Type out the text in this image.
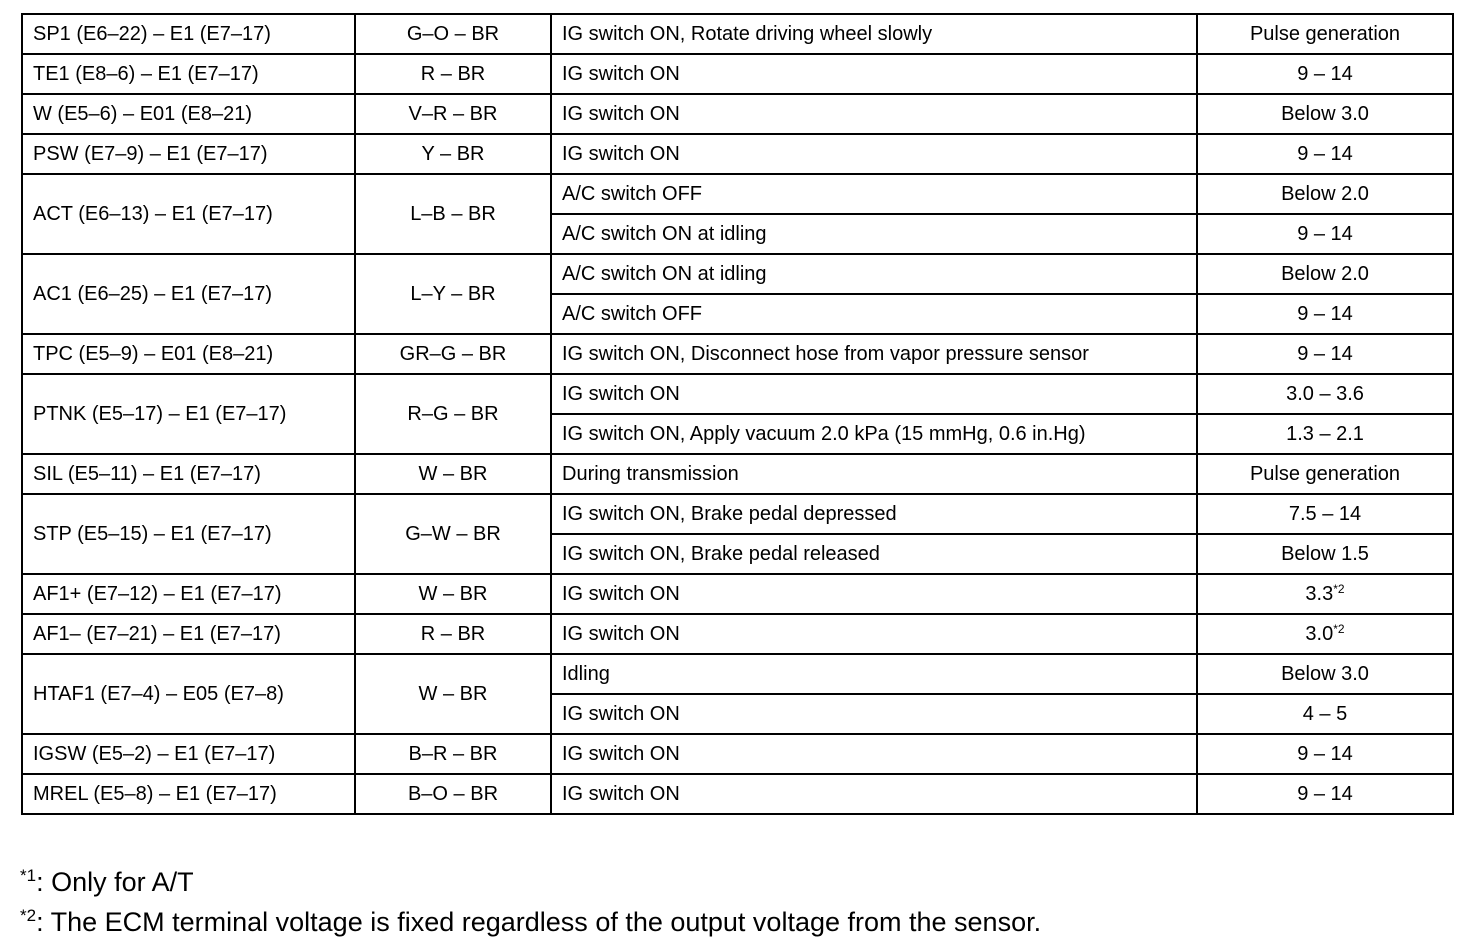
SP1 (E6–22) – E1 (E7–17)	G–O – BR	IG switch ON, Rotate driving wheel slowly	Pulse generation
TE1 (E8–6) – E1 (E7–17)	R – BR	IG switch ON	9 – 14
W (E5–6) – E01 (E8–21)	V–R – BR	IG switch ON	Below 3.0
PSW (E7–9) – E1 (E7–17)	Y – BR	IG switch ON	9 – 14
ACT (E6–13) – E1 (E7–17)	L–B – BR	A/C switch OFF	Below 2.0
		A/C switch ON at idling	9 – 14
AC1 (E6–25) – E1 (E7–17)	L–Y – BR	A/C switch ON at idling	Below 2.0
		A/C switch OFF	9 – 14
TPC (E5–9) – E01 (E8–21)	GR–G – BR	IG switch ON, Disconnect hose from vapor pressure sensor	9 – 14
PTNK (E5–17) – E1 (E7–17)	R–G – BR	IG switch ON	3.0 – 3.6
		IG switch ON, Apply vacuum 2.0 kPa (15 mmHg, 0.6 in.Hg)	1.3 – 2.1
SIL (E5–11) – E1 (E7–17)	W – BR	During transmission	Pulse generation
STP (E5–15) – E1 (E7–17)	G–W – BR	IG switch ON, Brake pedal depressed	7.5 – 14
		IG switch ON, Brake pedal released	Below 1.5
AF1+ (E7–12) – E1 (E7–17)	W – BR	IG switch ON	3.3$^{*2}$
AF1– (E7–21) – E1 (E7–17)	R – BR	IG switch ON	3.0$^{*2}$
HTAF1 (E7–4) – E05 (E7–8)	W – BR	Idling	Below 3.0
		IG switch ON	4 – 5
IGSW (E5–2) – E1 (E7–17)	B–R – BR	IG switch ON	9 – 14
MREL (E5–8) – E1 (E7–17)	B–O – BR	IG switch ON	9 – 14
$^{*1}$: Only for A/T
$^{*2}$: The ECM terminal voltage is fixed regardless of the output voltage from the sensor.
